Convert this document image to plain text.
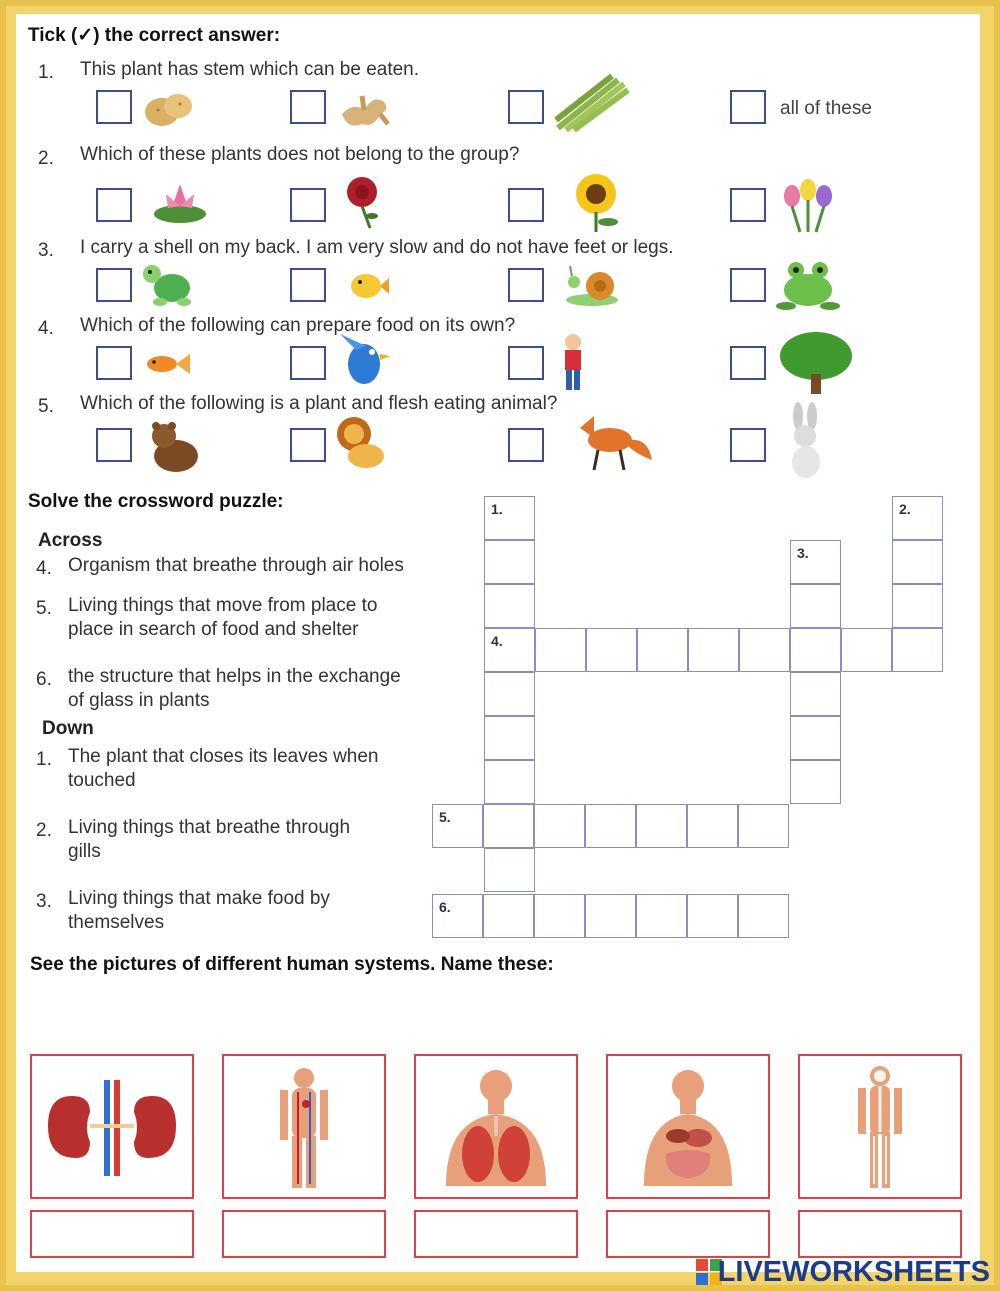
Tick (✓) the correct answer:
1. This plant has stem which can be eaten.
all of these
2. Which of these plants does not belong to the group?
3. I carry a shell on my back. I am very slow and do not have feet or legs.
4. Which of the following can prepare food on its own?
5. Which of the following is a plant and flesh eating animal?
Solve the crossword puzzle:
Across
4. Organism that breathe through air holes
5. Living things that move from place to
place in search of food and shelter
6. the structure that helps in the exchange
of glass in plants
Down
1. The plant that closes its leaves when
touched
2. Living things that breathe through
gills
3. Living things that make food by
themselves
1.
4.
2.
3.
5.
6.
See the pictures of different human systems. Name these:
LIVEWORKSHEETS
